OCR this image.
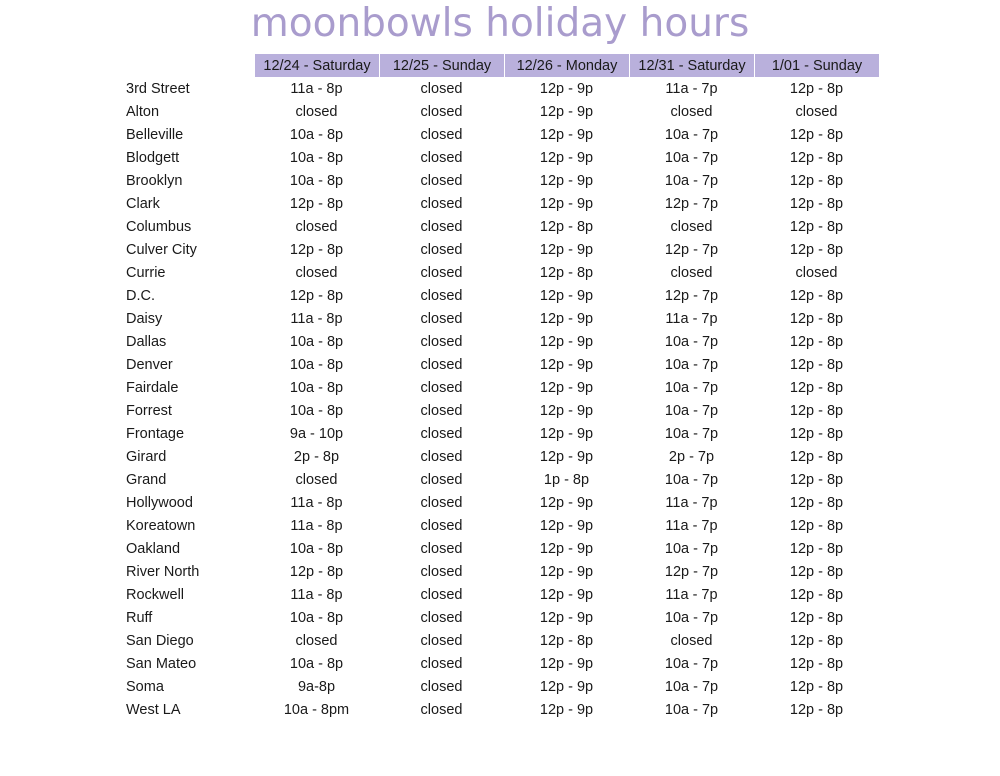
moonbowls holiday hours
	12/24 - Saturday	12/25 - Sunday	12/26 - Monday	12/31 - Saturday	1/01 - Sunday
3rd Street	11a - 8p	closed	12p - 9p	11a - 7p	12p - 8p
Alton	closed	closed	12p - 9p	closed	closed
Belleville	10a - 8p	closed	12p - 9p	10a - 7p	12p - 8p
Blodgett	10a - 8p	closed	12p - 9p	10a - 7p	12p - 8p
Brooklyn	10a - 8p	closed	12p - 9p	10a - 7p	12p - 8p
Clark	12p - 8p	closed	12p - 9p	12p - 7p	12p - 8p
Columbus	closed	closed	12p - 8p	closed	12p - 8p
Culver City	12p - 8p	closed	12p - 9p	12p - 7p	12p - 8p
Currie	closed	closed	12p - 8p	closed	closed
D.C.	12p - 8p	closed	12p - 9p	12p - 7p	12p - 8p
Daisy	11a - 8p	closed	12p - 9p	11a - 7p	12p - 8p
Dallas	10a - 8p	closed	12p - 9p	10a - 7p	12p - 8p
Denver	10a - 8p	closed	12p - 9p	10a - 7p	12p - 8p
Fairdale	10a - 8p	closed	12p - 9p	10a - 7p	12p - 8p
Forrest	10a - 8p	closed	12p - 9p	10a - 7p	12p - 8p
Frontage	9a - 10p	closed	12p - 9p	10a - 7p	12p - 8p
Girard	2p - 8p	closed	12p - 9p	2p - 7p	12p - 8p
Grand	closed	closed	1p - 8p	10a - 7p	12p - 8p
Hollywood	11a - 8p	closed	12p - 9p	11a - 7p	12p - 8p
Koreatown	11a - 8p	closed	12p - 9p	11a - 7p	12p - 8p
Oakland	10a - 8p	closed	12p - 9p	10a - 7p	12p - 8p
River North	12p - 8p	closed	12p - 9p	12p - 7p	12p - 8p
Rockwell	11a - 8p	closed	12p - 9p	11a - 7p	12p - 8p
Ruff	10a - 8p	closed	12p - 9p	10a - 7p	12p - 8p
San Diego	closed	closed	12p - 8p	closed	12p - 8p
San Mateo	10a - 8p	closed	12p - 9p	10a - 7p	12p - 8p
Soma	9a-8p	closed	12p - 9p	10a - 7p	12p - 8p
West LA	10a - 8pm	closed	12p - 9p	10a - 7p	12p - 8p
